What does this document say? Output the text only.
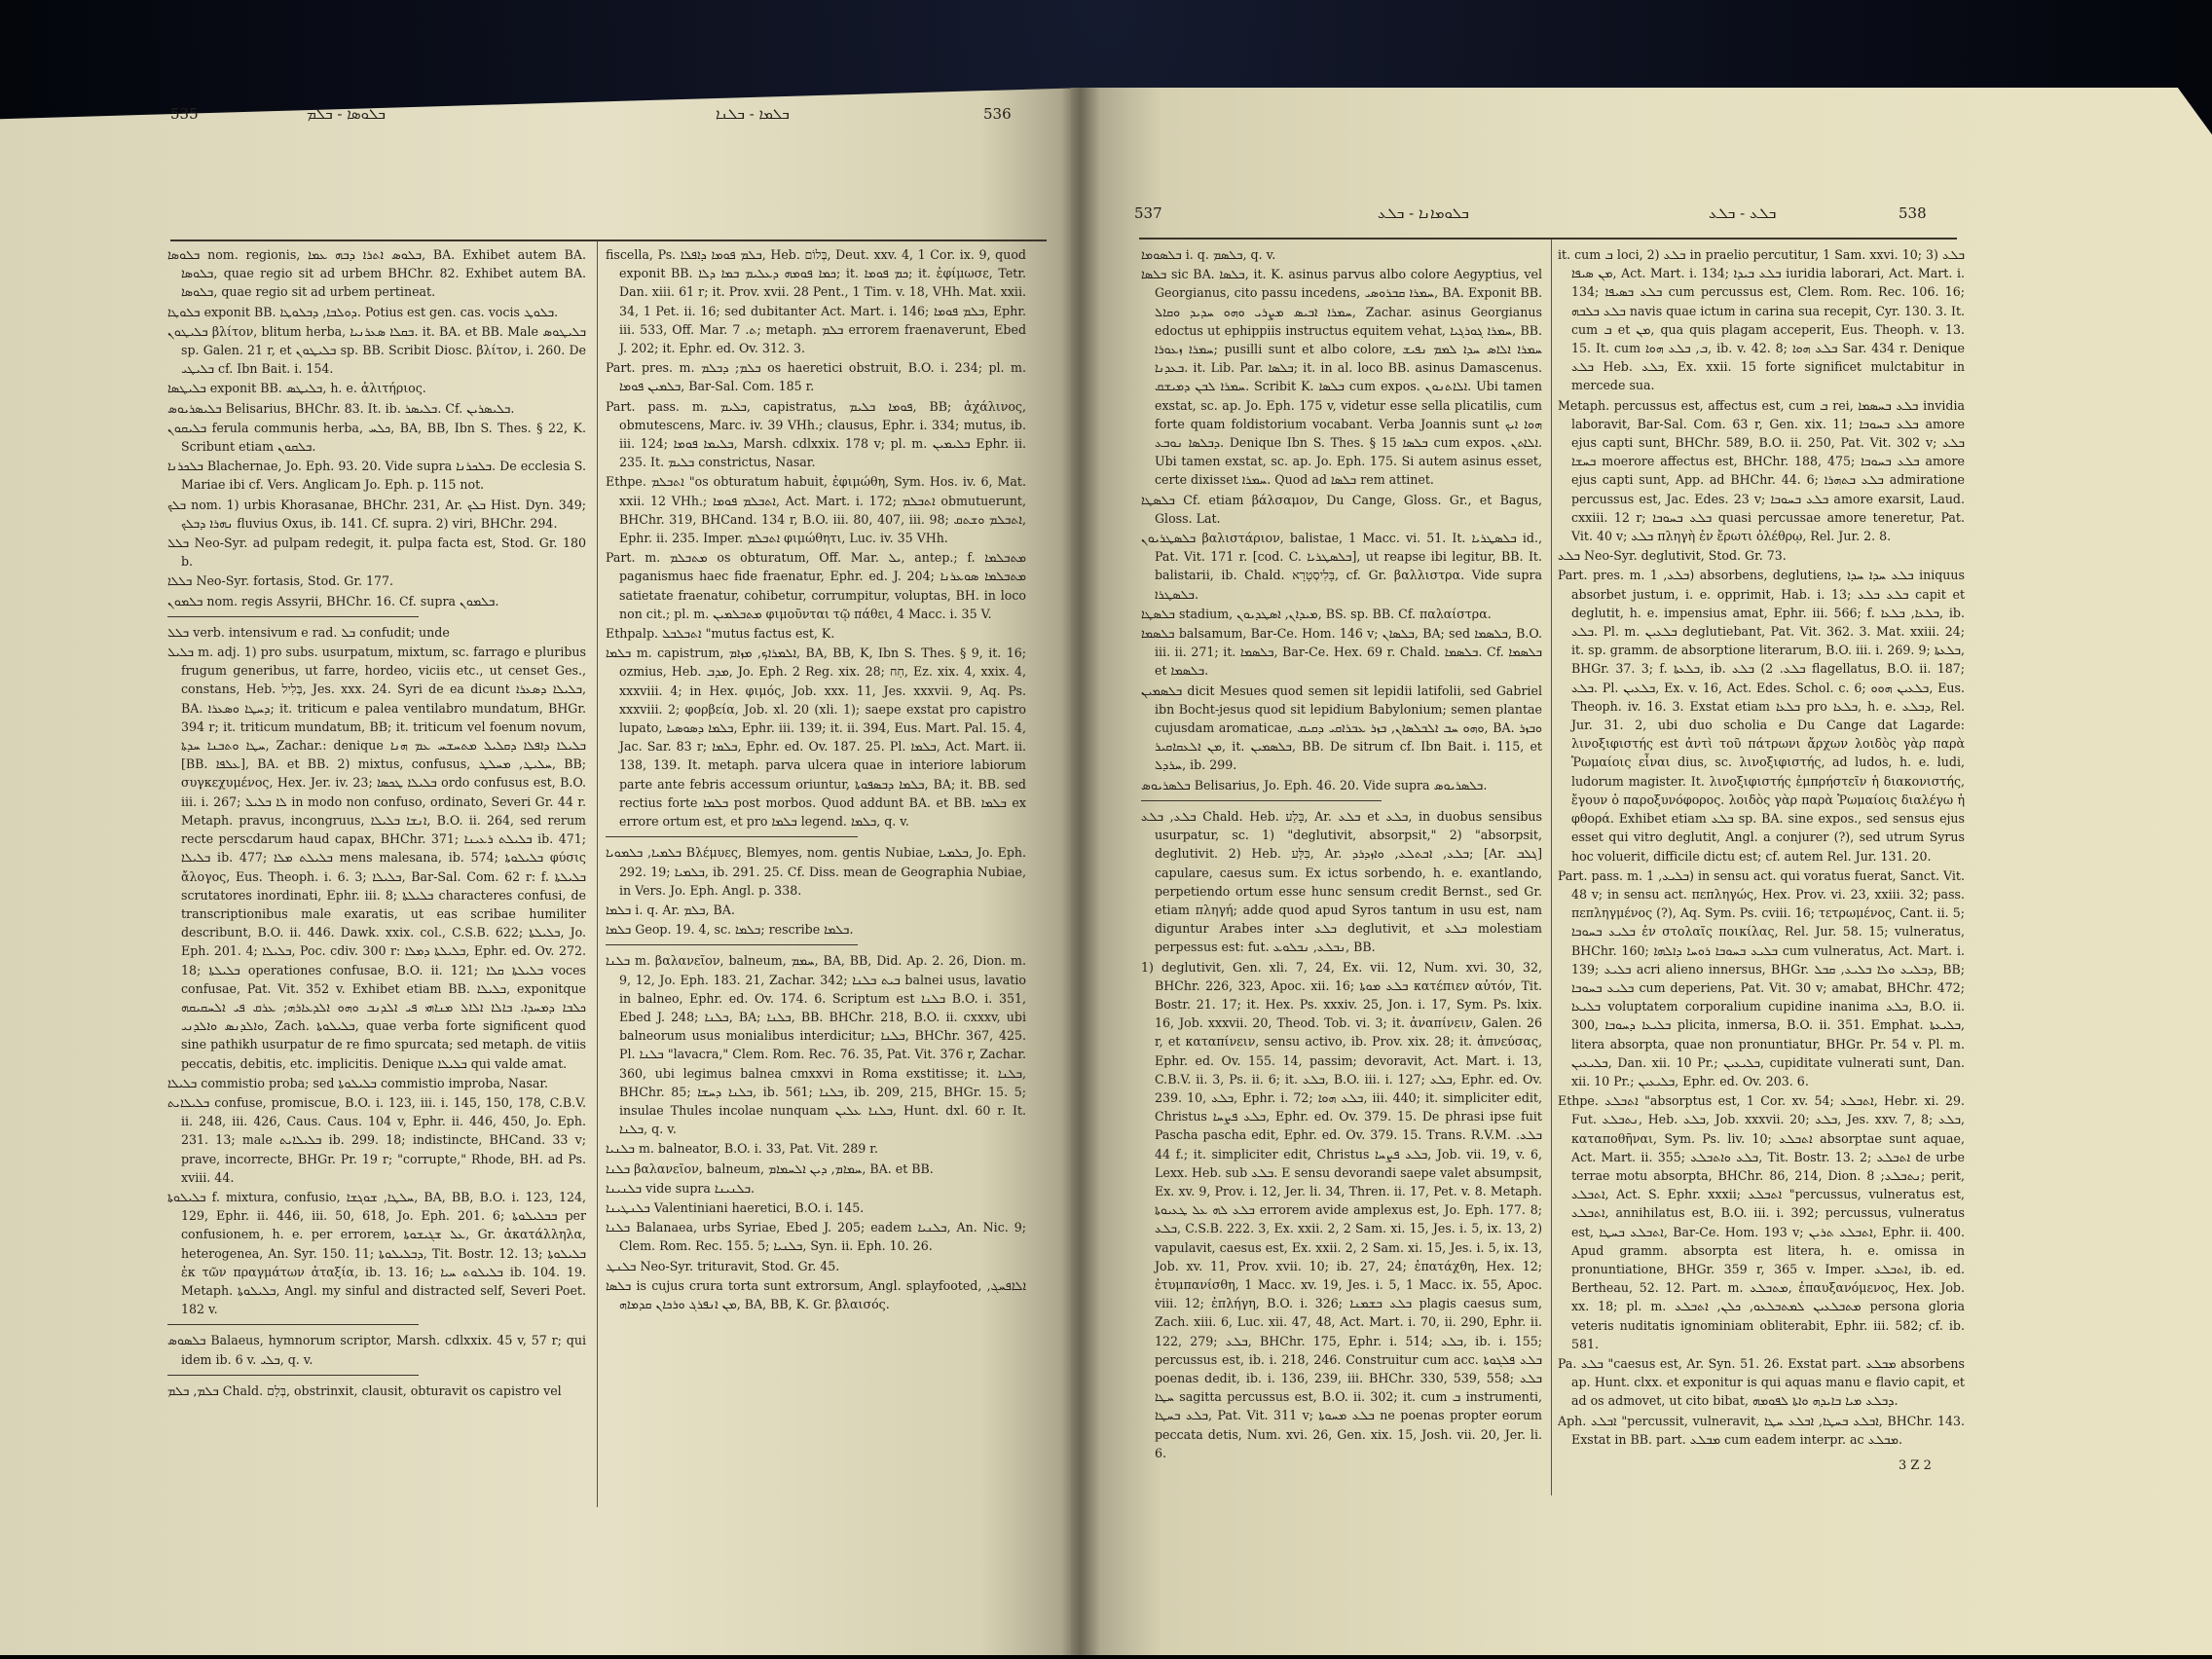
535	ܒܠܘܣܐ - ܒܠܡ	ܒܠܡܐ - ܒܠܢܐ	536

ܒܠܘܣܐ nom. regionis, ܒܠܘܣ ܐܬܪܐ ܕܒܗ ܥܡܐ, BA. Exhibet autem BA. ܒܠܘܣܐ, quae regio sit ad urbem BHChr. 82. Exhibet autem BA. ܒܠܘܣܐ, quae regio sit ad urbem pertineat.

ܒܠܘܛܐ exponit BB. ܕܘܠܒܐ, ܕܒܠܘܛܐ. Potius est gen. cas. vocis ܒܠܘܛ.

ܒܠܝܛܘܢ βλίτον, blitum herba, ܒܩܠܐ ܣܥܪܢܝܐ. it. BA. et BB. Male ܒܠܝܛܘܣ sp. Galen. 21 r, et ܒܠܝܛܘܢ sp. BB. Scribit Diosc. βλίτον, i. 260. De ܒܠܝܛܝ cf. Ibn Bait. i. 154.

ܒܠܝܛܣܐ exponit BB. ܒܠܝܛܣ, h. e. ἀλιτήριος.

ܒܠܝܣܪܝܘܣ Belisarius, BHChr. 83. It. ib. ܒܠܝܣܪ. Cf. ܒܠܝܣܪܝܢ.

ܒܠܝܩܘܢ ferula communis herba, ܟܠܚ, BA, BB, Ibn S. Thes. § 22, K. Scribunt etiam ܒܠܩܘܢ.

ܒܠܟܪܢܐ Blachernae, Jo. Eph. 93. 20. Vide supra ܒܠܟܪܢܐ. De ecclesia S. Mariae ibi cf. Vers. Anglicam Jo. Eph. p. 115 not.

ܒܠܟ nom. 1) urbis Khorasanae, BHChr. 231, Ar. ܒܠܟ Hist. Dyn. 349; ܢܗܪܐ ܕܒܠܟ fluvius Oxus, ib. 141. Cf. supra. 2) viri, BHChr. 294.

ܒܠܠ Neo-Syr. ad pulpam redegit, it. pulpa facta est, Stod. Gr. 180 b.

ܒܠܠܐ Neo-Syr. fortasis, Stod. Gr. 177.

ܒܠܡܘܢ nom. regis Assyrii, BHChr. 16. Cf. supra ܒܠܡܘܢ.

ܒܠܠ verb. intensivum e rad. ܒܠ confudit; unde

ܒܠܝܠ m. adj. 1) pro subs. usurpatum, mixtum, sc. farrago e pluribus frugum generibus, ut farre, hordeo, viciis etc., ut censet Ges., constans, Heb. בְּלִיל, Jes. xxx. 24. Syri de ea dicunt ܒܠܝܠܐ ܕܣܥܪܐ, BA. ܕܚܛܐ ܘܣܥܪܐ; it. triticum e palea ventilabro mundatum, BHGr. 394 r; it. triticum mundatum, BB; it. triticum vel foenum novum, ܚܛܐ ܘܬܒܢܐ ܚܕܬܐ, Zachar.: denique ܒܠܝܠܐ ܕܐܦܠܐ ܕܩܠܝܠ ܡܬܚܫܚ ܥܡ ܗܢܐ [BB. ܥܠܦܐ], BA. et BB. 2) mixtus, confusus, ܚܠܝܛ, ܡܚܠܛ, BB; συγκεχυμένος, Hex. Jer. iv. 23; ܒܠܝܠܐ ܛܟܣܐ ordo confusus est, B.O. iii. i. 267; ܠܐ ܒܠܝܠ in modo non confuso, ordinato, Severi Gr. 44 r. Metaph. pravus, incongruus, ܐܢܫܐ ܒܠܝܠܐ, B.O. ii. 264, sed rerum recte perscdarum haud capax, BHChr. 371; ܒܠܝܠܬ ܪܥܝܢܐ ib. 471; ܒܠܝܠܐ ib. 477; ܒܠܝܠܬ ܡܠܐ mens malesana, ib. 574; ܒܠܝܠܘܬܐ φύσις ἄλογος, Eus. Theoph. i. 6. 3; ܒܠܝܠܐ, Bar-Sal. Com. 62 r: f. ܒܠܝܠܬܐ scrutatores inordinati, Ephr. iii. 8; ܒܠܝܠܬܐ characteres confusi, de transcriptionibus male exaratis, ut eas scribae humiliter describunt, B.O. ii. 446. Dawk. xxix. col., C.S.B. 622; ܒܠܝܠܬܐ, Jo. Eph. 201. 4; ܒܠܝܠܐ, Poc. cdiv. 300 r: ܒܠܝܠܬܐ ܕܡܠܐ, Ephr. ed. Ov. 272. 18; ܒܠܝܠܬܐ operationes confusae, B.O. ii. 121; ܒܠܝܠܬܐ ܩܠܐ voces confusae, Pat. Vit. 352 v. Exhibet etiam BB. ܒܠܝܠܐ, exponitque ܟܠܒܐ ܕܡܚܕܐ. ܒܐܠܐ ܐܠܐܠ ܡܢܐܗܝ ܦܝ ܐܠܕܢܒ ܘܗܘ ܐܠܕܥܐܪܗ; ܥܪܩ ܦܝ ܐܠܚܩܝܩܗ ܘܐܠܕܢܣ ܘܐܠܕܢܝ, Zach. ܒܠܝܠܘܬܐ, quae verba forte significent quod sine pathikh usurpatur de re fimo spurcata; sed metaph. de vitiis peccatis, debitis, etc. implicitis. Denique ܒܠܝܠܐ qui valde amat.

ܒܠܝܠܐ commistio proba; sed ܒܠܝܠܘܬܐ commistio improba, Nasar.

ܒܠܝܠܐܝܬ confuse, promiscue, B.O. i. 123, iii. i. 145, 150, 178, C.B.V. ii. 248, iii. 426, Caus. Caus. 104 v, Ephr. ii. 446, 450, Jo. Eph. 231. 13; male ܒܠܝܠܐܝܬ ib. 299. 18; indistincte, BHCand. 33 v; prave, incorrecte, BHGr. Pr. 19 r; "corrupte," Rhode, BH. ad Ps. xviii. 44.

ܒܠܝܠܘܬܐ f. mixtura, confusio, ܚܠܛܐ, ܫܘܓܫܐ, BA, BB, B.O. i. 123, 124, 129, Ephr. ii. 446, iii. 50, 618, Jo. Eph. 201. 6; ܒܒܠܝܠܘܬܐ per confusionem, h. e. per errorem, ܥܠ ܫܓܝܫܘܬܐ, Gr. ἀκατάλληλα, heterogenea, An. Syr. 150. 11; ܕܒܠܝܠܘܬܐ, Tit. Bostr. 12. 13; ܒܠܝܠܘܬܐ ἐκ τῶν πραγμάτων ἀταξία, ib. 13. 16; ܒܠܝܠܘܬ ܚܝܐ ib. 104. 19. Metaph. ܒܠܝܠܘܬܐ, Angl. my sinful and distracted self, Severi Poet. 182 v.

ܒܠܣܘܣ Balaeus, hymnorum scriptor, Marsh. cdlxxix. 45 v, 57 r; qui idem ib. 6 v. ܒܠܝ, q. v.

ܒܠܡ, ܒܠܡ Chald. בְּלַם, obstrinxit, clausit, obturavit os capistro vel

fiscella, Ps. ܒܠܡ ܦܘܡܐ ܕܐܦܠܐ, Heb. בְּלוֹם, Deut. xxv. 4, 1 Cor. ix. 9, quod exponit BB. ܟܡܐ ܦܘܡܗ ܕܥܠܝܡ ܒܡܐ ܕܠܐ; it. ܟܡ ܦܘܡܐ; it. ἐφίμωσε, Tetr. Dan. xiii. 61 r; it. Prov. xvii. 28 Pent., 1 Tim. v. 18, VHh. Mat. xxii. 34, 1 Pet. ii. 16; sed dubitanter Act. Mart. i. 146; ܒܠܡ ܦܘܡܐ, Ephr. iii. 533, Off. Mar. ܬ. 7; metaph. ܒܠܡ errorem fraenaverunt, Ebed J. 202; it. Ephr. ed. Ov. 312. 3.

Part. pres. m. ܒܠܡ; ܕܒܠܡ os haeretici obstruit, B.O. i. 234; pl. m. ܒܠܡܝܢ ܦܘܡܐ, Bar-Sal. Com. 185 r.

Part. pass. m. ܒܠܝܡ, capistratus, ܦܘܡܐ ܒܠܝܡ, BB; ἀχάλινος, obmutescens, Marc. iv. 39 VHh.; clausus, Ephr. i. 334; mutus, ib. iii. 124; ܒܠܝܡܐ ܦܘܡܐ, Marsh. cdlxxix. 178 v; pl. m. ܒܠܝܡܝܢ Ephr. ii. 235. It. ܒܠܝܡ constrictus, Nasar.

Ethpe. ܐܬܒܠܡ "os obturatum habuit, ἐφιμώθη, Sym. Hos. iv. 6, Mat. xxii. 12 VHh.; ܐܬܒܠܡ ܦܘܡܐ, Act. Mart. i. 172; ܐܬܒܠܡ obmutuerunt, BHChr. 319, BHCand. 134 r, B.O. iii. 80, 407, iii. 98; ܐܬܒܠܡ ܘܫܬܩ, Ephr. ii. 235. Imper. ܐܬܒܠܡ φιμώθητι, Luc. iv. 35 VHh.

Part. m. ܡܬܒܠܡ os obturatum, Off. Mar. ܝܠ, antep.; f. ܡܬܒܠܡܐ paganismus haec fide fraenatur, Ephr. ed. J. 204; ܡܬܒܠܡܐ ܣܘܥܪܢܐ satietate fraenatur, cohibetur, corrumpitur, voluptas, BH. in loco non cit.; pl. m. ܡܬܒܠܡܝܢ φιμοῦνται τῷ πάθει, 4 Macc. i. 35 V.

Ethpalp. ܐܬܒܠܒܠ "mutus factus est, K.

ܒܠܡܐ m. capistrum, ܐܠܡܪܐܟ, ܡܙܐܡ, BA, BB, K, Ibn S. Thes. § 9, it. 16; ozmius, Heb. ܡܕܒ, Jo. Eph. 2 Reg. xix. 28; חַח, Ez. xix. 4, xxix. 4, xxxviii. 4; in Hex. φιμός, Job. xxx. 11, Jes. xxxvii. 9, Aq. Ps. xxxviii. 2; φορβεία, Job. xl. 20 (xli. 1); saepe exstat pro capistro lupato, ܒܠܡܐ ܕܣܘܣܝܐ, Ephr. iii. 139; it. ii. 394, Eus. Mart. Pal. 15. 4, Jac. Sar. 83 r; ܒܠܡܐ, Ephr. ed. Ov. 187. 25. Pl. ܒܠܡܐ, Act. Mart. ii. 138, 139. It. metaph. parva ulcera quae in interiore labiorum parte ante febris accessum oriuntur, ܒܠܡܐ ܕܒܣܦܘܬܐ, BA; it. BB. sed rectius forte ܒܠܡܐ post morbos. Quod addunt BA. et BB. ܒܠܡܐ ex errore ortum est, et pro ܒܠܡܐ legend. ܒܠܡܐ, q. v.

ܒܠܡܝܐ, ܒܠܡܘܝܐ Βλέμυες, Blemyes, nom. gentis Nubiae, ܒܠܡܝܐ, Jo. Eph. 292. 19; ܒܠܡܝܐ, ib. 291. 25. Cf. Diss. mean de Geographia Nubiae, in Vers. Jo. Eph. Angl. p. 338.

ܒܠܡܐ i. q. Ar. ܒܠܡ, BA.

ܒܠܡܐ Geop. 19. 4, sc. ܒܠܡܐ; rescribe ܒܠܡܐ.

ܒܠܢܐ m. βαλανεῖον, balneum, ܚܡܡ, BA, BB, Did. Ap. 2. 26, Dion. m. 9, 12, Jo. Eph. 183. 21, Zachar. 342; ܒܝܬ ܒܠܢܐ balnei usus, lavatio in balneo, Ephr. ed. Ov. 174. 6. Scriptum est ܒܠܢܐ B.O. i. 351, Ebed J. 248; ܒܠܢܐ, BA; ܒܠܢܐ, BB. BHChr. 218, B.O. ii. cxxxv, ubi balneorum usus monialibus interdicitur; ܒܠܢܐ, BHChr. 367, 425. Pl. ܒܠܢܐ "lavacra," Clem. Rom. Rec. 76. 35, Pat. Vit. 376 r, Zachar. 360, ubi legimus balnea cmxxvi in Roma exstitisse; it. ܒܠܢܐ, BHChr. 85; ܒܠܢܐ ܕܚܫܐ, ib. 561; ܒܠܢܐ, ib. 209, 215, BHGr. 15. 5; insulae Thules incolae nunquam ܒܠܢܐ ܥܠܝܢ, Hunt. dxl. 60 r. It. ܒܠܢܐ, q. v.

ܒܠܢܝܐ m. balneator, B.O. i. 33, Pat. Vit. 289 r.

ܒܠܢܐ βαλανεῖον, balneum, ܚܡܐܡ, ܕܝܢ ܐܠܚܡܐܡ, BA. et BB.

ܒܠܢܝܢܐ vide supra ܒܠܢܝܢܐ.

ܒܠܢܛܝܢܐ Valentiniani haeretici, B.O. i. 145.

ܒܠܢܐ Balanaea, urbs Syriae, Ebed J. 205; eadem ܒܠܢܝܐ, An. Nic. 9; Clem. Rom. Rec. 155. 5; ܒܠܢܝܐ, Syn. ii. Eph. 10. 26.

ܒܠܢܛ Neo-Syr. trituravit, Stod. Gr. 45.

ܒܠܣܐ is cujus crura torta sunt extrorsum, Angl. splayfooted, ܐܠܐܦܚܓ, ܡܢ ܐܢܦܪܓ ܘܪܟܐܢ ܩܕܡܐܗ, BA, BB, K. Gr. βλαισός.

537	ܒܠܘܡܐܢܐ - ܒܠܥ	ܒܠܥ - ܒܠܥ	538

ܒܠܣܘܡܐ i. q. ܒܠܣܡ, q. v.

ܒܠܣܐ sic BA. ܒܠܣܐ, it. K. asinus parvus albo colore Aegyptius, vel Georgianus, cito passu incedens, ܚܡܪܐ ܩܒܪܘܣܝ, BA. Exponit BB. ܚܡܪܐ ܐܒܝܣ ܡܨܪܝ ܘܗܘ ܚܕܝܕ ܘܩܐܠ, Zachar. asinus Georgianus edoctus ut ephippiis instructus equitem vehat, ܚܡܪܐ ܓܘܪܓܝܐ, BB. ܚܡܪܐ ܙܥܘܪܐ; pusilli sunt et albo colore, ܚܡܪܐ ܐܠܐܣ ܚܕܐ ܠܡܡ ܢܦܝܫ ܒܥܕܢܐ. it. Lib. Par. ܒܠܣܐ; it. in al. loco BB. asinus Damascenus. ܚܡܪܐ ܠܒܢ ܕܡܝܫܩ. Scribit K. ܒܠܣܐ cum expos. ܐܠܐܬܢܘܢ. Ubi tamen exstat, sc. ap. Jo. Eph. 175 v, videtur esse sella plicatilis, cum forte quam foldistorium vocabant. Verba Joannis sunt ܗܘܐ ܐܝܟ ܕܒܠܣܐ ܢܘܒܥ. Denique Ibn S. Thes. § 15 ܒܠܣܐ cum expos. ܐܠܐܬܢ. Ubi tamen exstat, sc. ap. Jo. Eph. 175. Si autem asinus esset, certe dixisset ܚܡܪܐ. Quod ad ܒܠܣܐ rem attinet.

ܒܠܣܛܐ Cf. etiam βάλσαμον, Du Cange, Gloss. Gr., et Bagus, Gloss. Lat.

ܒܠܣܛܪܝܘܢ βαλιστάριον, balistae, 1 Macc. vi. 51. It. ܒܠܣܛܪܝܐ id., Pat. Vit. 171 r. [cod. C. ܒܠܣܛܪܝܐ], ut reapse ibi legitur, BB. It. balistarii, ib. Chald. בָּלִיסְטָרָא, cf. Gr. βαλλιστρα. Vide supra ܒܠܣܛܪܐ.

ܒܠܣܛܐ stadium, ܡܝܕܐܢ, ܐܣܛܕܝܘܢ, BS. sp. BB. Cf. παλαίστρα.

ܒܠܣܡܐ balsamum, Bar-Ce. Hom. 146 v; ܒܠܣܐܢ, BA; sed ܒܠܣܡܐ, B.O. iii. ii. 271; it. ܒܠܣܡܐ, Bar-Ce. Hex. 69 r. Chald. ܒܠܣܡܐ. Cf. ܒܠܣܡܐ et ܒܠܣܡܐ.

ܒܠܣܡܝܢ dicit Mesues quod semen sit lepidii latifolii, sed Gabriel ibn Bocht-jesus quod sit lepidium Babylonium; semen plantae cujusdam aromaticae, ܘܗܘ ܚܒ ܐܠܒܠܣܐܢ, ܒܙܪ ܥܒܪܐܩܝ ܕܩܝܩ, BA. ܘܒܙܪ ܡܢ ܐܠܥܩܐܩܝܪ, it. ܒܠܣܡܝܢ, BB. De sitrum cf. Ibn Bait. i. 115, et ܚܪܕܠ, ib. 299.

ܒܠܣܪܝܘܣ Belisarius, Jo. Eph. 46. 20. Vide supra ܒܠܣܪܝܘܣ.

ܒܠܥ, ܒܠܥ Chald. Heb. בָּלַע, Ar. ܒܠܥ et ܒܠܥ, in duobus sensibus usurpatur, sc. 1) "deglutivit, absorpsit," 2) "absorpsit, deglutivit. 2) Heb. בִּלַּע, Ar. ܒܠܥ, ܐܒܬܠܥ, ܘܐܙܕܪܕ; [Ar. ܓܠܒ] capulare, caesus sum. Ex ictus sorbendo, h. e. exantlando, perpetiendo ortum esse hunc sensum credit Bernst., sed Gr. etiam πληγή; adde quod apud Syros tantum in usu est, nam diguntur Arabes inter ܒܠܥ deglutivit, et ܒܠܥ molestiam perpessus est: fut. ܢܒܠܥ, ܢܒܠܘܥ, BB.

1) deglutivit, Gen. xli. 7, 24, Ex. vii. 12, Num. xvi. 30, 32, BHChr. 226, 323, Apoc. xii. 16; ܒܠܥ ܡܘܬܐ κατέπιεν αὐτόν, Tit. Bostr. 21. 17; it. Hex. Ps. xxxiv. 25, Jon. i. 17, Sym. Ps. lxix. 16, Job. xxxvii. 20, Theod. Tob. vi. 3; it. ἀναπίνειν, Galen. 26 r, et καταπίνειν, sensu activo, ib. Prov. xix. 28; it. ἀπνεύσας, Ephr. ed. Ov. 155. 14, passim; devoravit, Act. Mart. i. 13, C.B.V. ii. 3, Ps. ii. 6; it. ܒܠܥ, B.O. iii. i. 127; ܒܠܥ, Ephr. ed. Ov. 239. 10, ܒܠܥ, Ephr. i. 72; ܒܠܥ ܗܘܐ, iii. 440; it. simpliciter edit, Christus ܒܠܥ ܦܨܚܐ, Ephr. ed. Ov. 379. 15. De phrasi ipse fuit Pascha pascha edit, Ephr. ed. Ov. 379. 15. Trans. R.V.M. ܒܠܥ. 44 f.; it. simpliciter edit, Christus ܒܠܥ ܦܨܚܐ, Job. vii. 19, v. 6, Lexx. Heb. sub ܒܠܥ. E sensu devorandi saepe valet absumpsit, Ex. xv. 9, Prov. i. 12, Jer. li. 34, Thren. ii. 17, Pet. v. 8. Metaph. ܒܠܥ ܠܗ ܥܠ ܛܥܝܘܬܐ errorem avide amplexus est, Jo. Eph. 177. 8; ܒܠܥ, C.S.B. 222. 3, Ex. xxii. 2, 2 Sam. xi. 15, Jes. i. 5, ix. 13, 2) vapulavit, caesus est, Ex. xxii. 2, 2 Sam. xi. 15, Jes. i. 5, ix. 13, Job. xv. 11, Prov. xvii. 10; ib. 27, 24; ἐπατάχθη, Hex. 12; ἐτυμπανίσθη, 1 Macc. xv. 19, Jes. i. 5, 1 Macc. ix. 55, Apoc. viii. 12; ἐπλήγη, B.O. i. 326; ܒܠܥ ܒܫܡܢܐ plagis caesus sum, Zach. xiii. 6, Luc. xii. 47, 48, Act. Mart. i. 70, ii. 290, Ephr. ii. 122, 279; ܒܠܥ, BHChr. 175, Ephr. i. 514; ܒܠܥ, ib. i. 155; percussus est, ib. i. 218, 246. Construitur cum acc. ܒܠܥ ܦܠܓܘܬܐ poenas dedit, ib. i. 136, 239, iii. BHChr. 330, 539, 558; ܒܠܥ ܚܛܐ sagitta percussus est, B.O. ii. 302; it. cum ܒ instrumenti, ܒܠܥ ܒܚܛܐ, Pat. Vit. 311 v; ܒܠܥ ܡܚܘܬܐ ne poenas propter eorum peccata detis, Num. xvi. 26, Gen. xix. 15, Josh. vii. 20, Jer. li. 6.

it. cum ܒ loci, 2) ܒܠܥ in praelio percutitur, 1 Sam. xxvi. 10; 3) ܒܠܥ ܡܢ ܣܝܦܐ, Act. Mart. i. 134; ܒܠܥ ܒܝܕܐ iuridia laborari, Act. Mart. i. 134; ܒܠܥ ܒܣܝܦܐ cum percussus est, Clem. Rom. Rec. 106. 16; ܒܠܥ ܒܠܒܗ navis quae ictum in carina sua recepit, Cyr. 130. 3. It. cum ܒ et ܡܢ, qua quis plagam acceperit, Eus. Theoph. v. 13. 15. It. cum ܒ, ܒܠܥ ܗܘܐ, ib. v. 42. 8; ܒܠܥ ܗܘܐ Sar. 434 r. Denique ܒܠܥ Heb. ܒܠܥ, Ex. xxii. 15 forte significet mulctabitur in mercede sua.

Metaph. percussus est, affectus est, cum ܒ rei, ܒܠܥ ܒܚܣܡܐ invidia laboravit, Bar-Sal. Com. 63 r, Gen. xix. 11; ܒܠܥ ܒܚܘܒܐ amore ejus capti sunt, BHChr. 589, B.O. ii. 250, Pat. Vit. 302 v; ܒܠܥ ܒܚܫܐ moerore affectus est, BHChr. 188, 475; ܒܠܥ ܒܚܘܒܐ amore ejus capti sunt, App. ad BHChr. 44. 6; ܒܠܥ ܒܬܗܪܐ admiratione percussus est, Jac. Edes. 23 v; ܒܠܥ ܒܚܘܒܐ amore exarsit, Laud. cxxiii. 12 r; ܒܠܥ ܒܚܘܒܐ quasi percussae amore teneretur, Pat. Vit. 40 v; ܒܠܥ πληγὴ ἐν ἔρωτι ὀλέθρῳ, Rel. Jur. 2. 8.

ܒܠܥ Neo-Syr. deglutivit, Stod. Gr. 73.

Part. pres. m. ܒܠܥ, 1) absorbens, deglutiens, ܒܠܥ ܚܕܐ ܚܕܐ iniquus absorbet justum, i. e. opprimit, Hab. i. 13; ܒܠܥ ܒܠܥ capit et deglutit, h. e. impensius amat, Ephr. iii. 566; f. ܒܠܥܐ, ܒܠܥܐ, ib. ܒܠܥ. Pl. m. ܒܠܥܝܢ deglutiebant, Pat. Vit. 362. 3. Mat. xxiii. 24; it. sp. gramm. de absorptione literarum, B.O. iii. i. 269. 9; ܒܠܥܬܐ, BHGr. 37. 3; f. ܒܠܥܬܐ, ib. ܒܠܥ. 2) ܒܠܥ flagellatus, B.O. ii. 187; ܒܠܥ. Pl. ܒܠܥܝܢ, Ex. v. 16, Act. Edes. Schol. c. 6; ܒܠܥܝܢ ܗܘܘ, Eus. Theoph. iv. 16. 3. Exstat etiam ܒܠܥܐ pro ܒܠܥܐ, h. e. ܕܒܠܥ, Rel. Jur. 31. 2, ubi duo scholia e Du Cange dat Lagarde: λινοξιφιστής est ἀντὶ τοῦ πάτρωνι ἄρχων λοιδὸς γὰρ παρὰ Ῥωμαίοις εἶναι dius, sc. λινοξιφιστής, ad ludos, h. e. ludi, ludorum magister. It. λινοξιφιστής ἐμπρήστεῖν ἡ διακονιστής, ἔγουν ὁ παροξυνόφορος. λοιδὸς γὰρ παρὰ Ῥωμαίοις διαλέγω ἡ φθορά. Exhibet etiam ܒܠܥ sp. BA. sine expos., sed sensus ejus esset qui vitro deglutit, Angl. a conjurer (?), sed utrum Syrus hoc voluerit, difficile dictu est; cf. autem Rel. Jur. 131. 20.

Part. pass. m. ܒܠܝܥ, 1) in sensu act. qui voratus fuerat, Sanct. Vit. 48 v; in sensu act. πεπληγώς, Hex. Prov. vi. 23, xxiii. 32; pass. πεπληγμένος (?), Aq. Sym. Ps. cviii. 16; τετρωμένος, Cant. ii. 5; ܒܠܝܥ ܒܚܘܒܐ ἐν στολαῖς ποικίλας, Rel. Jur. 58. 15; vulneratus, BHChr. 160; ܒܠܝܥ ܒܚܘܒܐ ܪܘܚܐ ܕܐܠܗܐ cum vulneratus, Act. Mart. i. 139; ܒܠܝܥ acri alieno innersus, BHGr. ܕܒܠܝܥ ܘܠܐ ܒܠܝܥ, ܩܒܠ, BB; ܒܠܝܥ ܒܚܘܒܐ cum deperiens, Pat. Vit. 30 v; amabat, BHChr. 472; ܒܠܝܥܐ voluptatem corporalium cupidine inanima ܒܠܥ, B.O. ii. 300, ܒܠܝܥܐ ܕܚܘܒܐ plicita, inmersa, B.O. ii. 351. Emphat. ܒܠܝܥܬܐ, litera absorpta, quae non pronuntiatur, BHGr. Pr. 54 v. Pl. m. ܒܠܝܥܝܢ, Dan. xii. 10 Pr.; ܒܠܝܥܝܢ, cupiditate vulnerati sunt, Dan. xii. 10 Pr.; ܒܠܝܥܝܢ, Ephr. ed. Ov. 203. 6.

Ethpe. ܐܬܒܠܥ "absorptus est, 1 Cor. xv. 54; ܐܬܒܠܥ, Hebr. xi. 29. Fut. ܢܬܒܠܥ, Heb. ܒܠܥ, Job. xxxvii. 20; ܒܠܥ, Jes. xxv. 7, 8; ܒܠܥ, καταποθῆναι, Sym. Ps. liv. 10; ܐܬܒܠܥ absorptae sunt aquae, Act. Mart. ii. 355; ܒܠܥ ܘܐܬܒܠܥ, Tit. Bostr. 13. 2; ܐܬܒܠܥ de urbe terrae motu absorpta, BHChr. 86, 214, Dion. ܢܬܒܠܥ; 8; perit, ܐܬܒܠܥ, Act. S. Ephr. xxxii; ܐܬܒܠܥ "percussus, vulneratus est, ܐܬܒܠܥ, annihilatus est, B.O. iii. i. 392; percussus, vulneratus est, ܐܬܒܠܥ ܒܚܛܐ, Bar-Ce. Hom. 193 v; ܐܬܒܠܥ ܬܪܝܢ, Ephr. ii. 400. Apud gramm. absorpta est litera, h. e. omissa in pronuntiatione, BHGr. 359 r, 365 v. Imper. ܐܬܒܠܥ, ib. ed. Bertheau, 52. 12. Part. m. ܡܬܒܠܥ, ἐπαυξανόμενος, Hex. Job. xx. 18; pl. m. ܡܬܒܠܥܝܢ ܠܡܬܒܠܥܘ, ܟܠܢ, ܐܬܒܠܥ persona gloria veteris nuditatis ignominiam obliterabit, Ephr. iii. 582; cf. ib. 581.

Pa. ܒܠܥ "caesus est, Ar. Syn. 51. 26. Exstat part. ܡܒܠܥ absorbens ap. Hunt. clxx. et exponitur is qui aquas manu e flavio capit, et ad os admovet, ut cito bibat, ܕܒܠܥ ܡܝܐ ܒܐܝܕܗ ܘܐܬܐ ܠܦܘܡܗ.

Aph. ܐܒܠܥ "percussit, vulneravit, ܐܒܠܥ ܒܚܛܐ, ܐܒܠܥ ܚܛܐ, BHChr. 143. Exstat in BB. part. ܡܒܠܥ cum eadem interpr. ac ܡܒܠܥ.

3 Z 2
